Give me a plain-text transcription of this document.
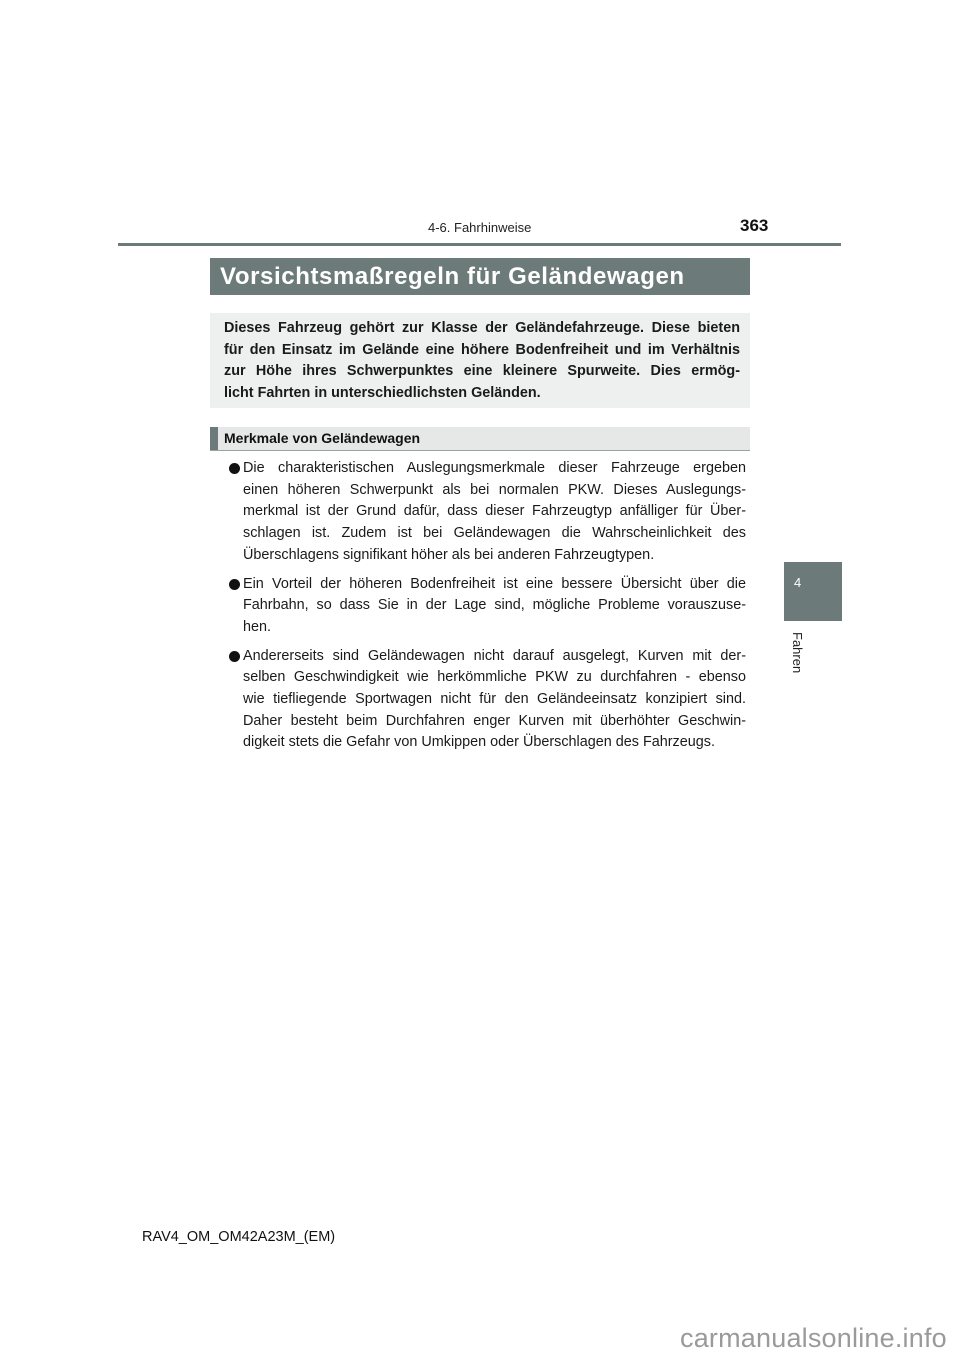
4-6. Fahrhinweise	363
Vorsichtsmaßregeln für Geländewagen
Dieses Fahrzeug gehört zur Klasse der Geländefahrzeuge. Diese bieten
für den Einsatz im Gelände eine höhere Bodenfreiheit und im Verhältnis
zur Höhe ihres Schwerpunktes eine kleinere Spurweite. Dies ermög-
licht Fahrten in unterschiedlichsten Geländen.
Merkmale von Geländewagen
Die charakteristischen Auslegungsmerkmale dieser Fahrzeuge ergeben
einen höheren Schwerpunkt als bei normalen PKW. Dieses Auslegungs-
merkmal ist der Grund dafür, dass dieser Fahrzeugtyp anfälliger für Über-
schlagen ist. Zudem ist bei Geländewagen die Wahrscheinlichkeit des
Überschlagens signifikant höher als bei anderen Fahrzeugtypen.
Ein Vorteil der höheren Bodenfreiheit ist eine bessere Übersicht über die
Fahrbahn, so dass Sie in der Lage sind, mögliche Probleme vorauszuse-
hen.
Andererseits sind Geländewagen nicht darauf ausgelegt, Kurven mit der-
selben Geschwindigkeit wie herkömmliche PKW zu durchfahren - ebenso
wie tiefliegende Sportwagen nicht für den Geländeeinsatz konzipiert sind.
Daher besteht beim Durchfahren enger Kurven mit überhöhter Geschwin-
digkeit stets die Gefahr von Umkippen oder Überschlagen des Fahrzeugs.
4
Fahren
RAV4_OM_OM42A23M_(EM)
carmanualsonline.info
